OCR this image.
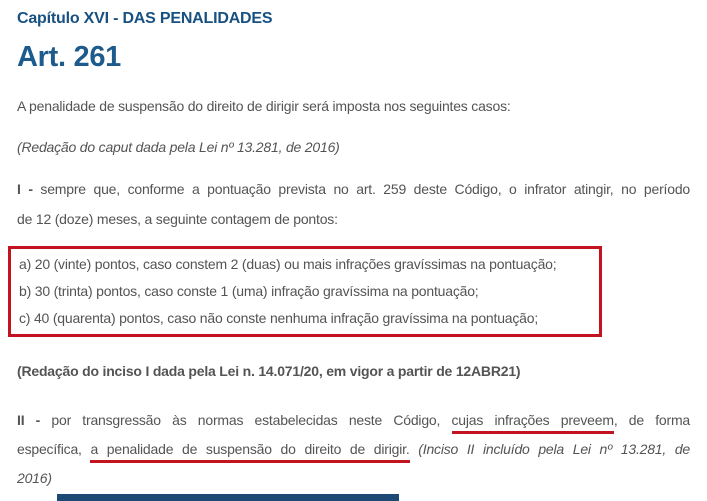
Capítulo XVI - DAS PENALIDADES
Art. 261

A penalidade de suspensão do direito de dirigir será imposta nos seguintes casos:

(Redação do caput dada pela Lei nº 13.281, de 2016)

I - sempre que, conforme a pontuação prevista no art. 259 deste Código, o infrator atingir, no período
de 12 (doze) meses, a seguinte contagem de pontos:
a) 20 (vinte) pontos, caso constem 2 (duas) ou mais infrações gravíssimas na pontuação;
b) 30 (trinta) pontos, caso conste 1 (uma) infração gravíssima na pontuação;
c) 40 (quarenta) pontos, caso não conste nenhuma infração gravíssima na pontuação;

(Redação do inciso I dada pela Lei n. 14.071/20, em vigor a partir de 12ABR21)

II - por transgressão às normas estabelecidas neste Código, cujas infrações preveem, de forma
específica, a penalidade de suspensão do direito de dirigir. (Inciso II incluído pela Lei nº 13.281, de
2016)
